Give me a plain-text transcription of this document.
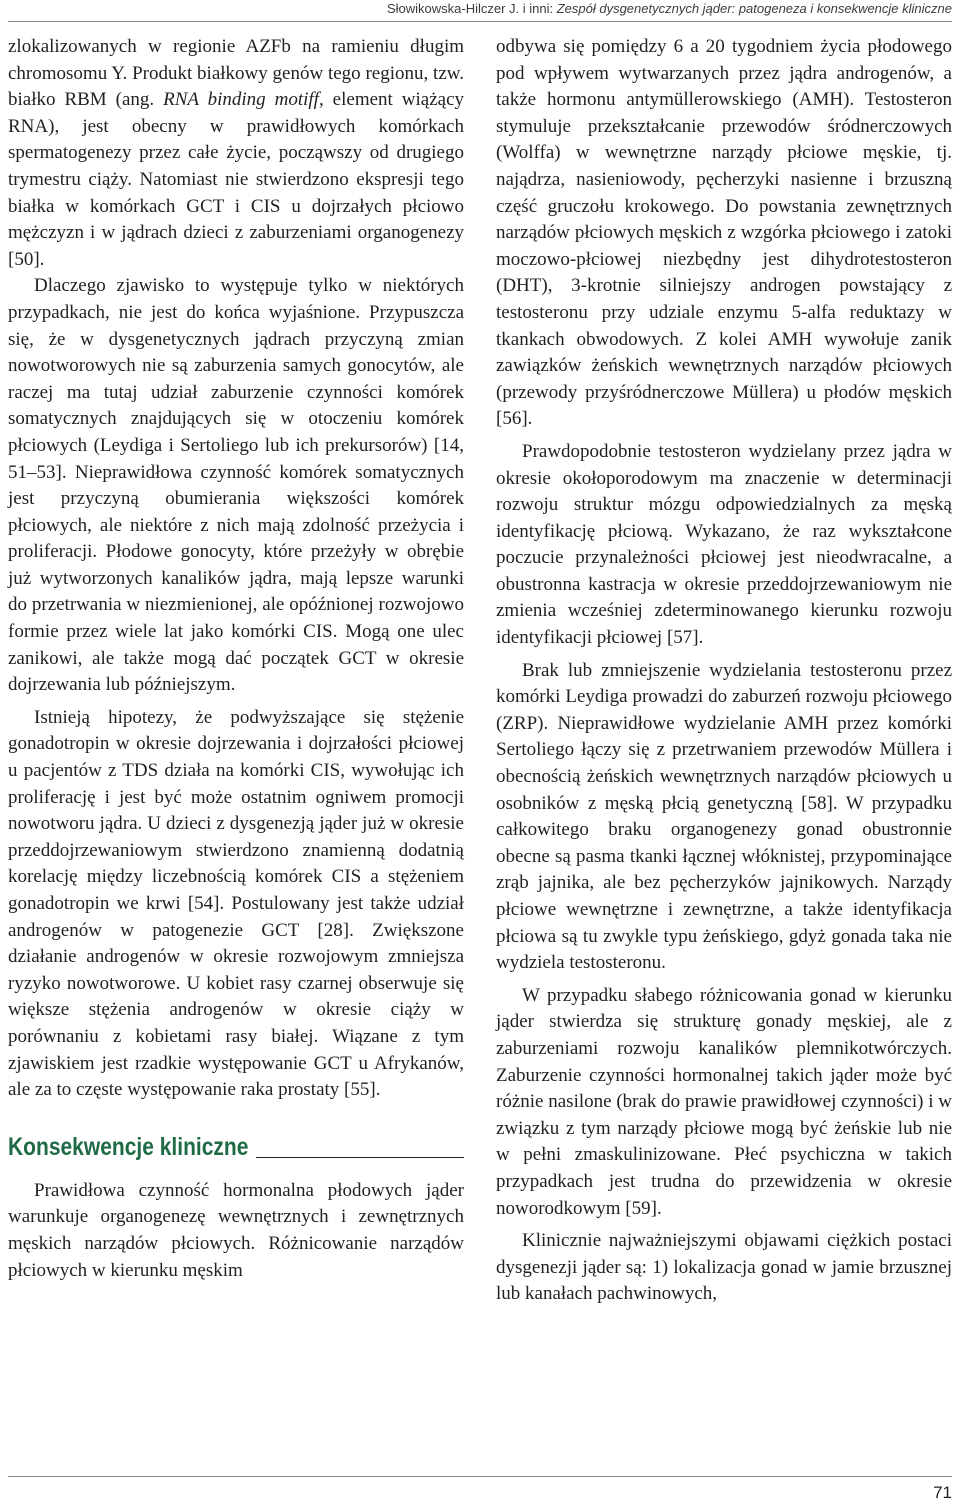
Słowikowska-Hilczer J. i inni: Zespół dysgenetycznych jąder: patogeneza i konsekwencje kliniczne

zlokalizowanych w regionie AZFb na ramieniu długim chromosomu Y. Produkt białkowy genów tego regionu, tzw. białko RBM (ang. RNA binding motiff, element wiążący RNA), jest obecny w prawidłowych komórkach spermatogenezy przez całe życie, począwszy od drugiego trymestru ciąży. Natomiast nie stwierdzono ekspresji tego białka w komórkach GCT i CIS u dojrzałych płciowo mężczyzn i w jądrach dzieci z zaburzeniami organogenezy [50].

Dlaczego zjawisko to występuje tylko w niektórych przypadkach, nie jest do końca wyjaśnione. Przypuszcza się, że w dysgenetycznych jądrach przyczyną zmian nowotworowych nie są zaburzenia samych gonocytów, ale raczej ma tutaj udział zaburzenie czynności komórek somatycznych znajdujących się w otoczeniu komórek płciowych (Leydiga i Sertoliego lub ich prekursorów) [14, 51–53]. Nieprawidłowa czynność komórek somatycznych jest przyczyną obumierania większości komórek płciowych, ale niektóre z nich mają zdolność przeżycia i proliferacji. Płodowe gonocyty, które przeżyły w obrębie już wytworzonych kanalików jądra, mają lepsze warunki do przetrwania w niezmienionej, ale opóźnionej rozwojowo formie przez wiele lat jako komórki CIS. Mogą one ulec zanikowi, ale także mogą dać początek GCT w okresie dojrzewania lub późniejszym.

Istnieją hipotezy, że podwyższające się stężenie gonadotropin w okresie dojrzewania i dojrzałości płciowej u pacjentów z TDS działa na komórki CIS, wywołując ich proliferację i jest być może ostatnim ogniwem promocji nowotworu jądra. U dzieci z dysgenezją jąder już w okresie przeddojrzewaniowym stwierdzono znamienną dodatnią korelację między liczebnością komórek CIS a stężeniem gonadotropin we krwi [54]. Postulowany jest także udział androgenów w patogenezie GCT [28]. Zwiększone działanie androgenów w okresie rozwojowym zmniejsza ryzyko nowotworowe. U kobiet rasy czarnej obserwuje się większe stężenia androgenów w okresie ciąży w porównaniu z kobietami rasy białej. Wiązane z tym zjawiskiem jest rzadkie występowanie GCT u Afrykanów, ale za to częste występowanie raka prostaty [55].

Konsekwencje kliniczne

Prawidłowa czynność hormonalna płodowych jąder warunkuje organogenezę wewnętrznych i zewnętrznych męskich narządów płciowych. Różnicowanie narządów płciowych w kierunku męskim

odbywa się pomiędzy 6 a 20 tygodniem życia płodowego pod wpływem wytwarzanych przez jądra androgenów, a także hormonu antymüllerowskiego (AMH). Testosteron stymuluje przekształcanie przewodów śródnerczowych (Wolffa) w wewnętrzne narządy płciowe męskie, tj. najądrza, nasieniowody, pęcherzyki nasienne i brzuszną część gruczołu krokowego. Do powstania zewnętrznych narządów płciowych męskich z wzgórka płciowego i zatoki moczowo-płciowej niezbędny jest dihydrotestosteron (DHT), 3-krotnie silniejszy androgen powstający z testosteronu przy udziale enzymu 5-alfa reduktazy w tkankach obwodowych. Z kolei AMH wywołuje zanik zawiązków żeńskich wewnętrznych narządów płciowych (przewody przyśródnerczowe Müllera) u płodów męskich [56].

Prawdopodobnie testosteron wydzielany przez jądra w okresie okołoporodowym ma znaczenie w determinacji rozwoju struktur mózgu odpowiedzialnych za męską identyfikację płciową. Wykazano, że raz wykształcone poczucie przynależności płciowej jest nieodwracalne, a obustronna kastracja w okresie przeddojrzewaniowym nie zmienia wcześniej zdeterminowanego kierunku rozwoju identyfikacji płciowej [57].

Brak lub zmniejszenie wydzielania testosteronu przez komórki Leydiga prowadzi do zaburzeń rozwoju płciowego (ZRP). Nieprawidłowe wydzielanie AMH przez komórki Sertoliego łączy się z przetrwaniem przewodów Müllera i obecnością żeńskich wewnętrznych narządów płciowych u osobników z męską płcią genetyczną [58]. W przypadku całkowitego braku organogenezy gonad obustronnie obecne są pasma tkanki łącznej włóknistej, przypominające zrąb jajnika, ale bez pęcherzyków jajnikowych. Narządy płciowe wewnętrzne i zewnętrzne, a także identyfikacja płciowa są tu zwykle typu żeńskiego, gdyż gonada taka nie wydziela testosteronu.

W przypadku słabego różnicowania gonad w kierunku jąder stwierdza się strukturę gonady męskiej, ale z zaburzeniami rozwoju kanalików plemnikotwórczych. Zaburzenie czynności hormonalnej takich jąder może być różnie nasilone (brak do prawie prawidłowej czynności) i w związku z tym narządy płciowe mogą być żeńskie lub nie w pełni zmaskulinizowane. Płeć psychiczna w takich przypadkach jest trudna do przewidzenia w okresie noworodkowym [59].

Klinicznie najważniejszymi objawami ciężkich postaci dysgenezji jąder są: 1) lokalizacja gonad w jamie brzusznej lub kanałach pachwinowych,

71
